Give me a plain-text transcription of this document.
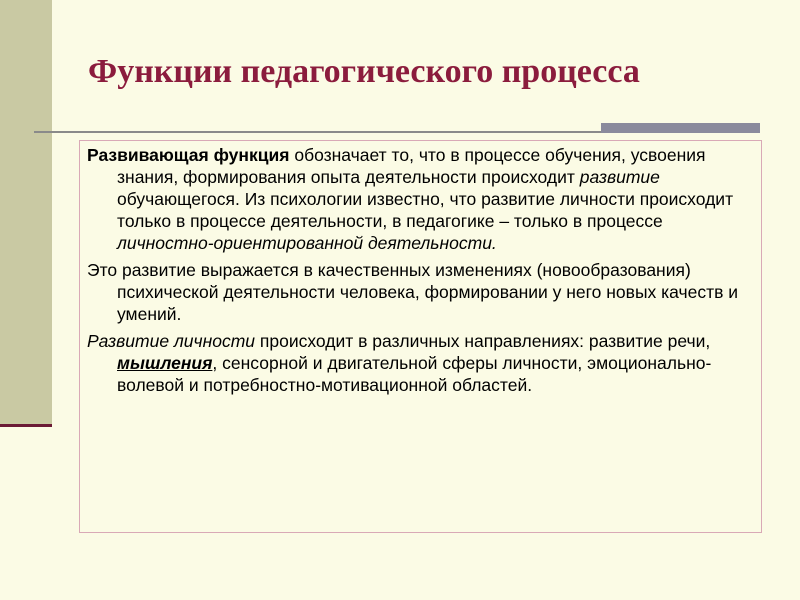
Функции педагогического процесса

Развивающая функция обозначает то, что в процессе обучения, усвоения знания, формирования опыта деятельности происходит развитие обучающегося. Из психологии известно, что развитие личности происходит только в процессе деятельности, в педагогике – только в процессе личностно-ориентированной деятельности.

Это развитие выражается в качественных изменениях (новообразования) психической деятельности человека, формировании у него новых качеств и умений.

Развитие личности происходит в различных направлениях: развитие речи, мышления, сенсорной и двигательной сферы личности, эмоционально-волевой и потребностно-мотивационной областей.
